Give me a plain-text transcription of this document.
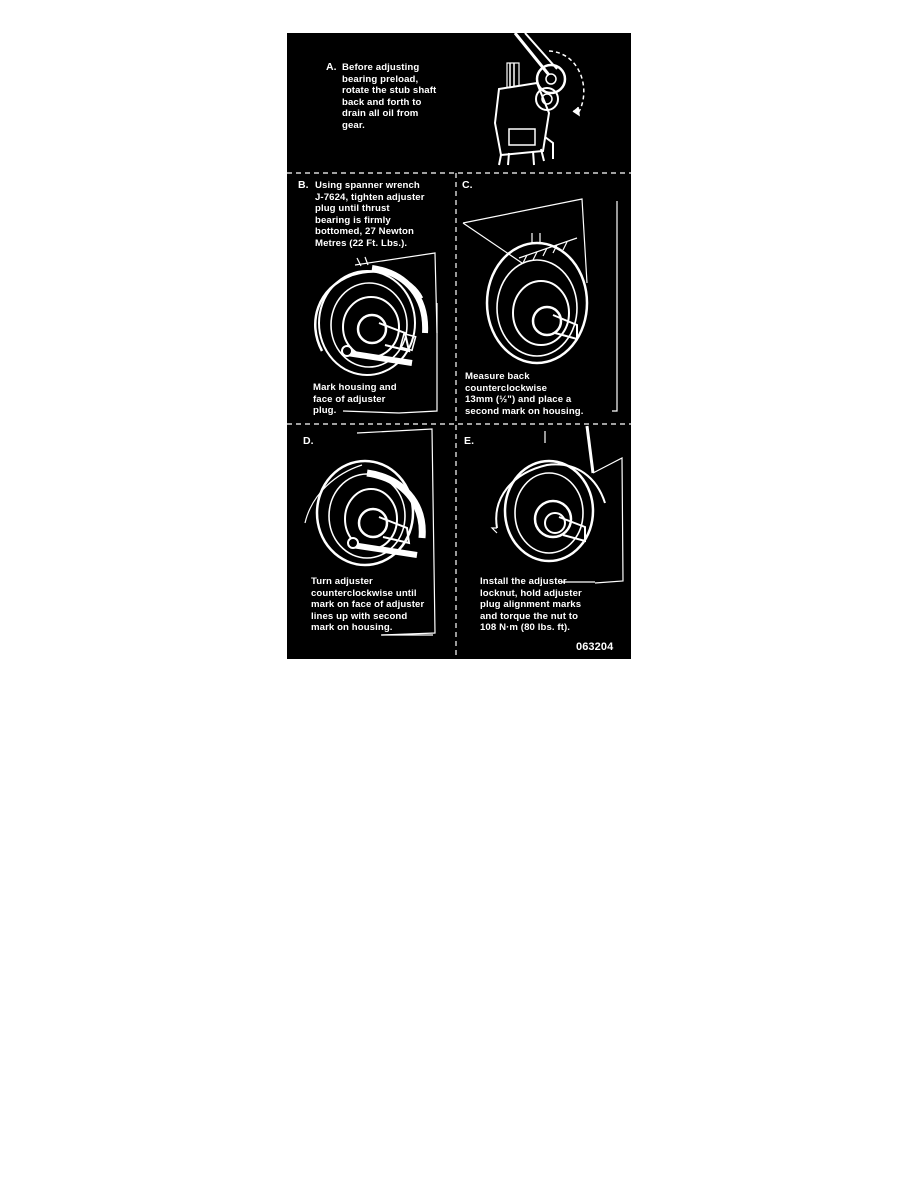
A. Before adjusting
bearing preload,
rotate the stub shaft
back and forth to
drain all oil from
gear.
B. Using spanner wrench
J-7624, tighten adjuster
plug until thrust
bearing is firmly
bottomed, 27 Newton
Metres (22 Ft. Lbs.).
Mark housing and
face of adjuster
plug.
C.
Measure back
counterclockwise
13mm (½") and place a
second mark on housing.
D.
Turn adjuster
counterclockwise until
mark on face of adjuster
lines up with second
mark on housing.
E.
Install the adjuster
locknut, hold adjuster
plug alignment marks
and torque the nut to
108 N·m (80 lbs. ft).
063204
